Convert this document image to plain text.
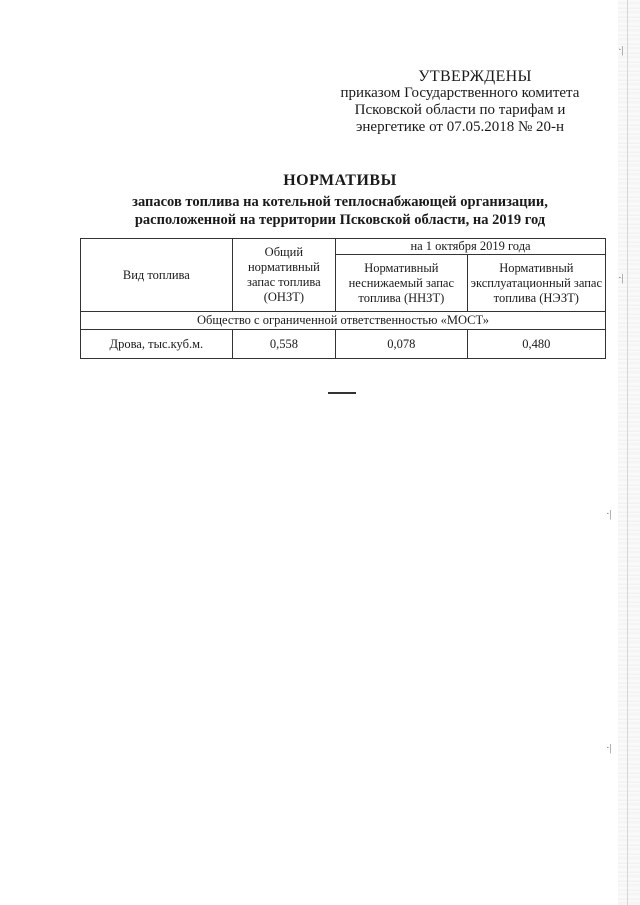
·|
·|
·|
·|
УТВЕРЖДЕНЫ
приказом Государственного комитета
Псковской области по тарифам и
энергетике от 07.05.2018 № 20-н
НОРМАТИВЫ
запасов топлива на котельной теплоснабжающей организации,
расположенной на территории Псковской области, на 2019 год
Вид топлива	Общий нормативный запас топлива (ОНЗТ)	на 1 октября 2019 года	
		Нормативный неснижаемый запас топлива (ННЗТ)	Нормативный эксплуатационный запас топлива (НЭЗТ)
Общество с ограниченной ответственностью «МОСТ»			
Дрова, тыс.куб.м.	0,558	0,078	0,480
